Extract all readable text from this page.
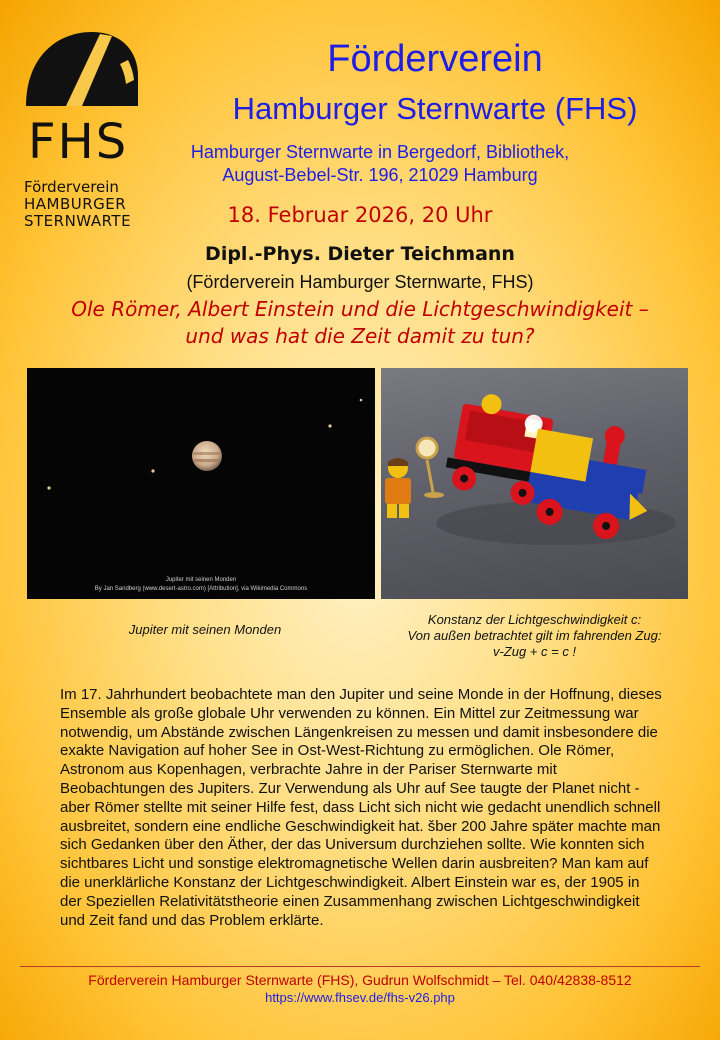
FHS
Förderverein
HAMBURGER
STERNWARTE
Förderverein
Hamburger Sternwarte (FHS)
Hamburger Sternwarte in Bergedorf, Bibliothek,
August-Bebel-Str. 196, 21029 Hamburg
18. Februar 2026, 20 Uhr
Dipl.-Phys. Dieter Teichmann
(Förderverein Hamburger Sternwarte, FHS)
Ole Römer, Albert Einstein und die Lichtgeschwindigkeit –
und was hat die Zeit damit zu tun?
Jupiter mit seinen Monden
By Jan Sandberg (www.desert-astro.com) [Attribution], via Wikimedia Commons
Jupiter mit seinen Monden
Konstanz der Lichtgeschwindigkeit c:
Von außen betrachtet gilt im fahrenden Zug:
v-Zug + c = c !

Im 17. Jahrhundert beobachtete man den Jupiter und seine Monde in der Hoffnung, dieses Ensemble als große globale Uhr verwenden zu können. Ein Mittel zur Zeitmessung war notwendig, um Abstände zwischen Längenkreisen zu messen und damit insbesondere die exakte Navigation auf hoher See in Ost-West-Richtung zu ermöglichen. Ole Römer, Astronom aus Kopenhagen, verbrachte Jahre in der Pariser Sternwarte mit Beobachtungen des Jupiters. Zur Verwendung als Uhr auf See taugte der Planet nicht - aber Römer stellte mit seiner Hilfe fest, dass Licht sich nicht wie gedacht unendlich schnell ausbreitet, sondern eine endliche Geschwindigkeit hat. šber 200 Jahre später machte man sich Gedanken über den Äther, der das Universum durchziehen sollte. Wie konnten sich sichtbares Licht und sonstige elektromagnetische Wellen darin ausbreiten? Man kam auf die unerklärliche Konstanz der Lichtgeschwindigkeit. Albert Einstein war es, der 1905 in der Speziellen Relativitätstheorie einen Zusammenhang zwischen Lichtgeschwindigkeit und Zeit fand und das Problem erklärte.

Förderverein Hamburger Sternwarte (FHS), Gudrun Wolfschmidt – Tel. 040/42838-8512
https://www.fhsev.de/fhs-v26.php
